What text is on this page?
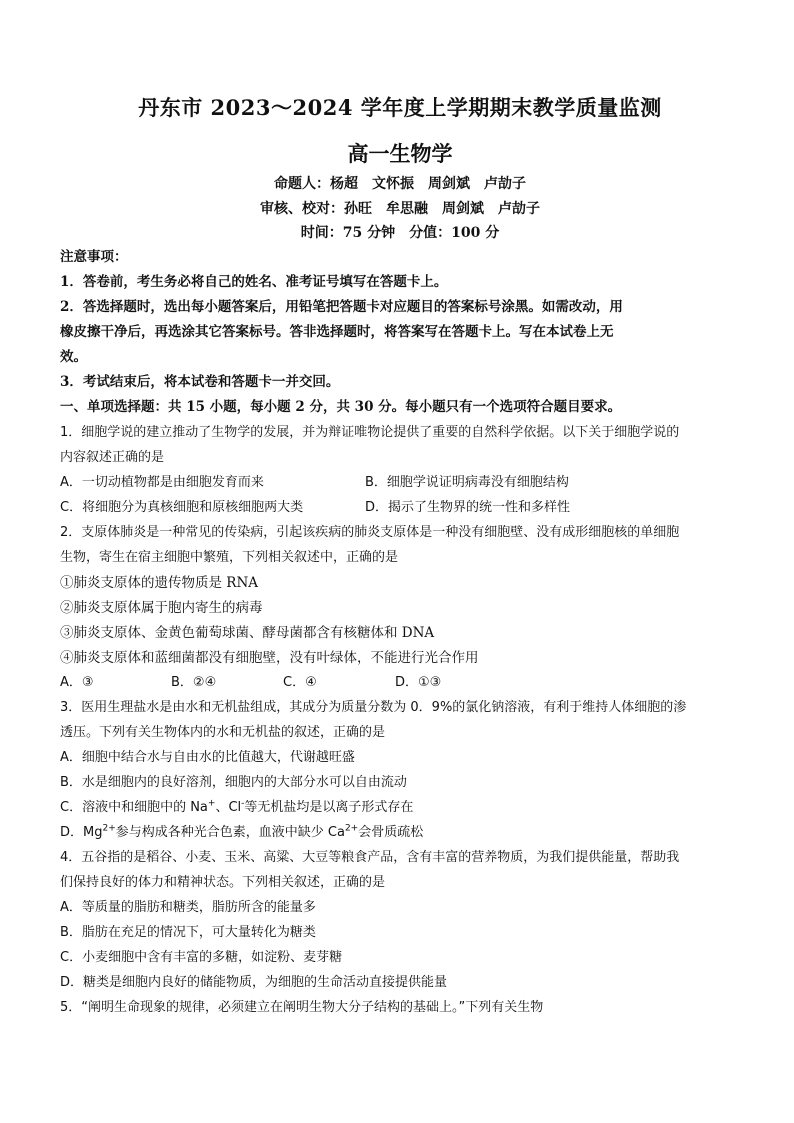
丹东市 2023～2024 学年度上学期期末教学质量监测
高一生物学
命题人：杨超　文怀振　周剑斌　卢劼子
审核、校对：孙旺　牟思融　周剑斌　卢劼子
时间：75 分钟　分值：100 分
注意事项：
1．答卷前，考生务必将自己的姓名、准考证号填写在答题卡上。
2．答选择题时，选出每小题答案后，用铅笔把答题卡对应题目的答案标号涂黑。如需改动，用
橡皮擦干净后，再选涂其它答案标号。答非选择题时，将答案写在答题卡上。写在本试卷上无
效。
3．考试结束后，将本试卷和答题卡一并交回。
一、单项选择题：共 15 小题，每小题 2 分，共 30 分。每小题只有一个选项符合题目要求。
1．细胞学说的建立推动了生物学的发展，并为辩证唯物论提供了重要的自然科学依据。以下关于细胞学说的
内容叙述正确的是
A．一切动植物都是由细胞发育而来	B．细胞学说证明病毒没有细胞结构
C．将细胞分为真核细胞和原核细胞两大类	D．揭示了生物界的统一性和多样性
2．支原体肺炎是一种常见的传染病，引起该疾病的肺炎支原体是一种没有细胞壁、没有成形细胞核的单细胞
生物，寄生在宿主细胞中繁殖，下列相关叙述中，正确的是
①肺炎支原体的遗传物质是 RNA
②肺炎支原体属于胞内寄生的病毒
③肺炎支原体、金黄色葡萄球菌、酵母菌都含有核糖体和 DNA
④肺炎支原体和蓝细菌都没有细胞壁，没有叶绿体，不能进行光合作用
A．③	B．②④	C．④	D．①③
3．医用生理盐水是由水和无机盐组成，其成分为质量分数为 0．9%的氯化钠溶液，有利于维持人体细胞的渗
透压。下列有关生物体内的水和无机盐的叙述，正确的是
A．细胞中结合水与自由水的比值越大，代谢越旺盛
B．水是细胞内的良好溶剂，细胞内的大部分水可以自由流动
C．溶液中和细胞中的 Na+、Cl-等无机盐均是以离子形式存在
D．$Mg^{2+}$参与构成各种光合色素，血液中缺少 $Ca^{2+}$会骨质疏松
4．五谷指的是稻谷、小麦、玉米、高粱、大豆等粮食产品，含有丰富的营养物质，为我们提供能量，帮助我
们保持良好的体力和精神状态。下列相关叙述，正确的是
A．等质量的脂肪和糖类，脂肪所含的能量多
B．脂肪在充足的情况下，可大量转化为糖类
C．小麦细胞中含有丰富的多糖，如淀粉、麦芽糖
D．糖类是细胞内良好的储能物质，为细胞的生命活动直接提供能量
5．“阐明生命现象的规律，必须建立在阐明生物大分子结构的基础上。”下列有关生物
